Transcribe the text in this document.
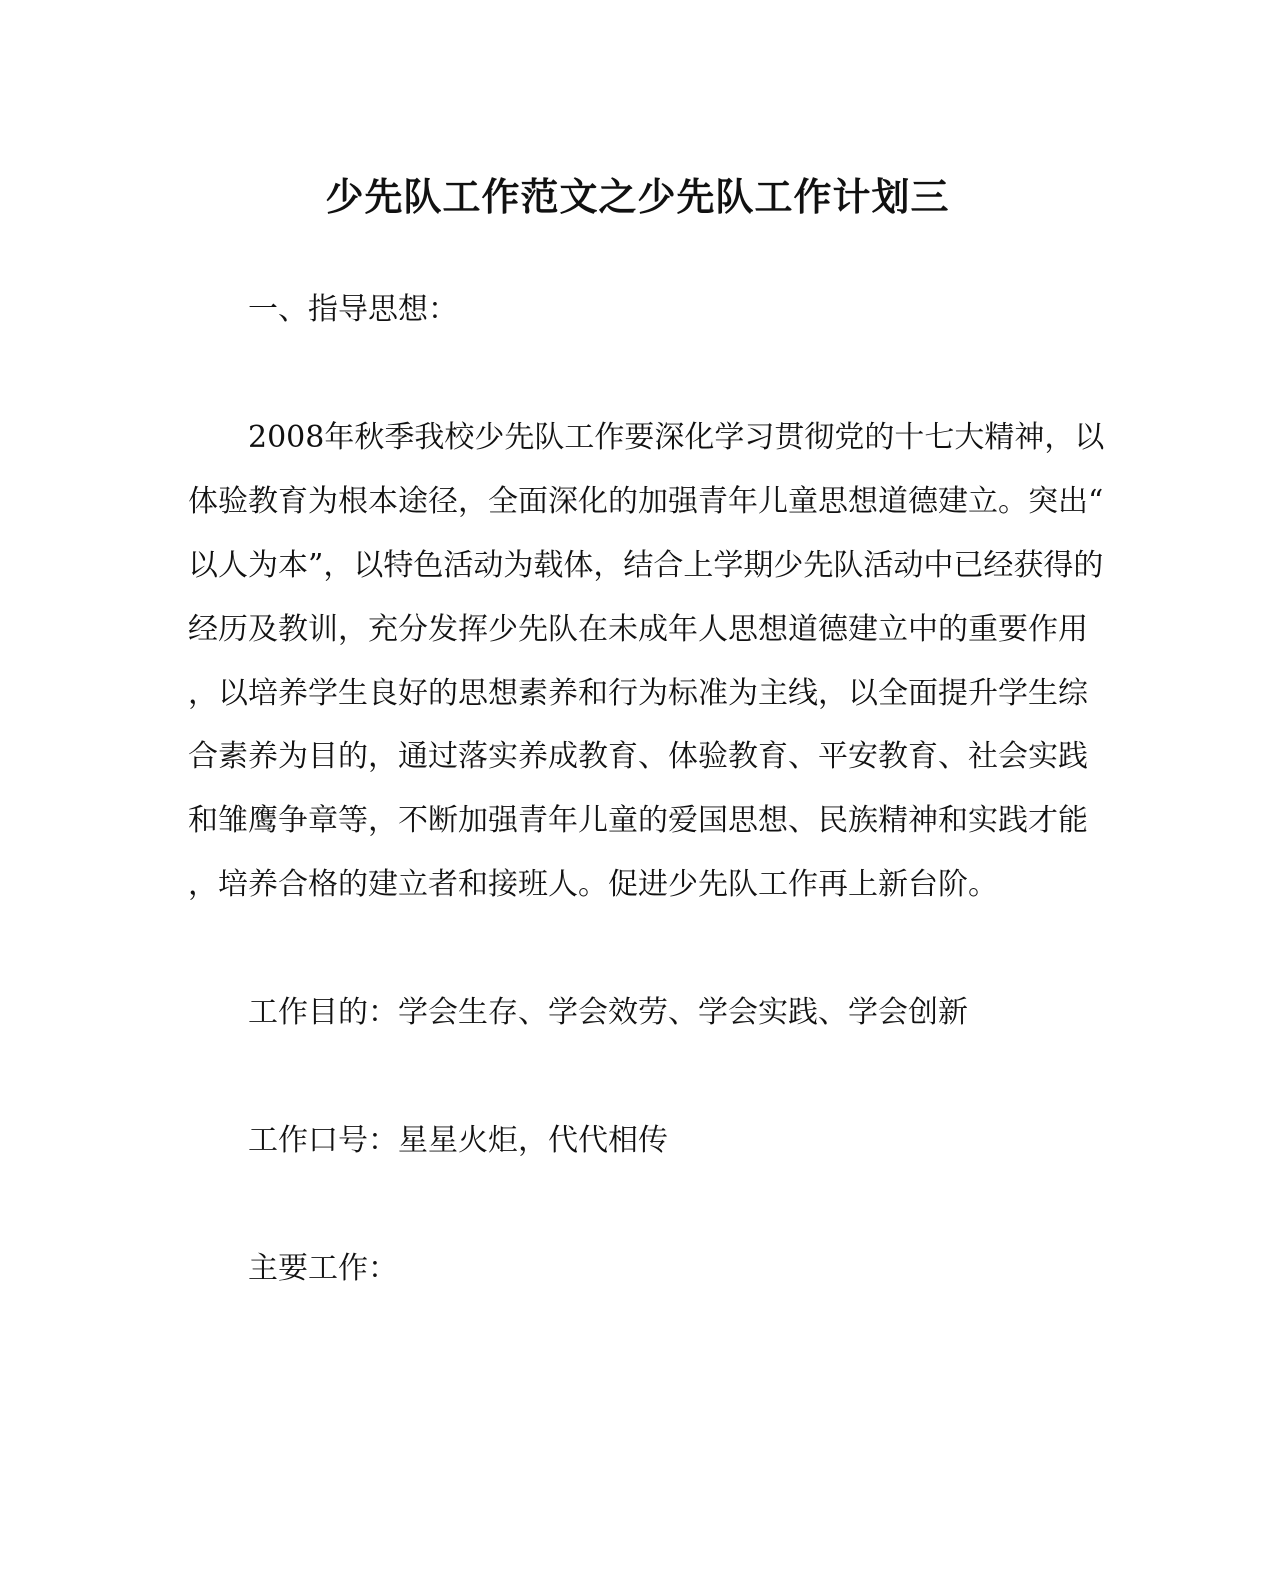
少先队工作范文之少先队工作计划三

一、指导思想：

2008年秋季我校少先队工作要深化学习贯彻党的十七大精神，以

体验教育为根本途径，全面深化的加强青年儿童思想道德建立。突出“

以人为本”，以特色活动为载体，结合上学期少先队活动中已经获得的

经历及教训，充分发挥少先队在未成年人思想道德建立中的重要作用

，以培养学生良好的思想素养和行为标准为主线，以全面提升学生综

合素养为目的，通过落实养成教育、体验教育、平安教育、社会实践

和雏鹰争章等，不断加强青年儿童的爱国思想、民族精神和实践才能

，培养合格的建立者和接班人。促进少先队工作再上新台阶。

工作目的：学会生存、学会效劳、学会实践、学会创新

工作口号：星星火炬，代代相传

主要工作：
